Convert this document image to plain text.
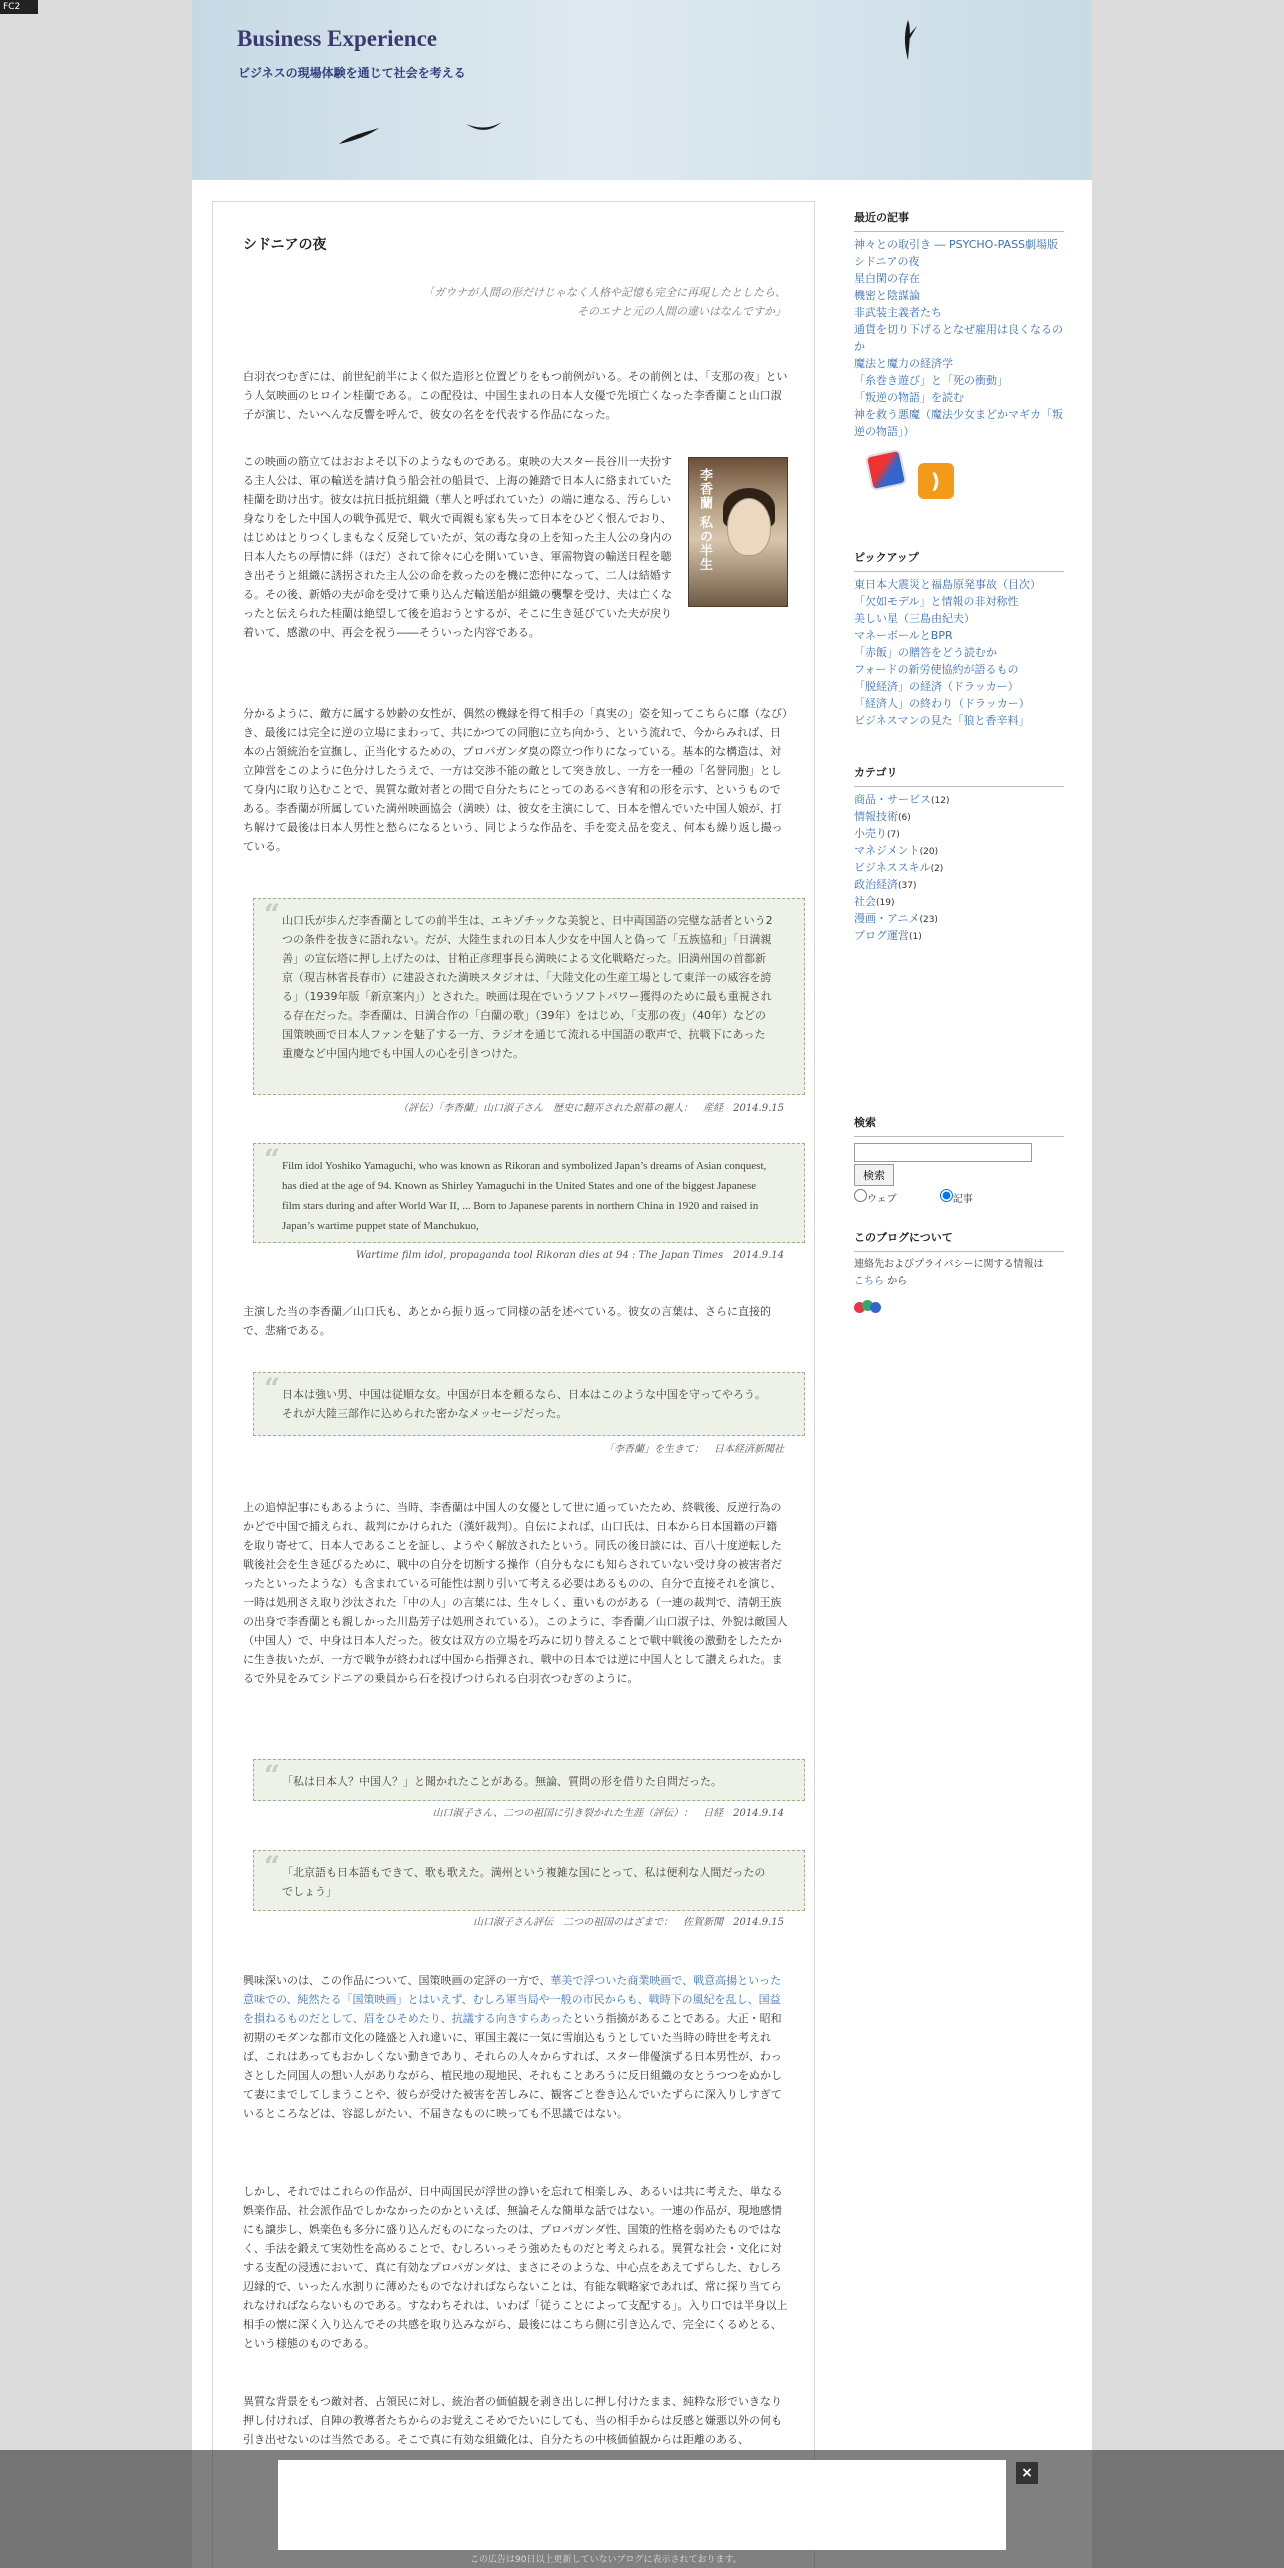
FC2
Business Experience
ビジネスの現場体験を通じて社会を考える
シドニアの夜
「ガウナが人間の形だけじゃなく人格や記憶も完全に再現したとしたら、
そのエナと元の人間の違いはなんですか」
白羽衣つむぎには、前世紀前半によく似た造形と位置どりをもつ前例がいる。その前例とは、「支那の夜」という人気映画のヒロイン桂蘭である。この配役は、中国生まれの日本人女優で先頃亡くなった李香蘭こと山口淑子が演じ、たいへんな反響を呼んで、彼女の名をを代表する作品になった。
李香蘭 私の半生
この映画の筋立てはおおよそ以下のようなものである。東映の大スター長谷川一夫扮する主人公は、軍の輸送を請け負う船会社の船員で、上海の雑踏で日本人に絡まれていた桂蘭を助け出す。彼女は抗日抵抗組織（華人と呼ばれていた）の端に連なる、汚らしい身なりをした中国人の戦争孤児で、戦火で両親も家も失って日本をひどく恨んでおり、はじめはとりつくしまもなく反発していたが、気の毒な身の上を知った主人公の身内の日本人たちの厚情に絆（ほだ）されて徐々に心を開いていき、軍需物資の輸送日程を聴き出そうと組織に誘拐された主人公の命を救ったのを機に恋仲になって、二人は結婚する。その後、新婚の夫が命を受けて乗り込んだ輸送船が組織の襲撃を受け、夫は亡くなったと伝えられた桂蘭は絶望して後を追おうとするが、そこに生き延びていた夫が戻り着いて、感激の中、再会を祝う――そういった内容である。
分かるように、敵方に属する妙齢の女性が、偶然の機縁を得て相手の「真実の」姿を知ってこちらに靡（なび）き、最後には完全に逆の立場にまわって、共にかつての同胞に立ち向かう、という流れで、今からみれば、日本の占領統治を宣撫し、正当化するための、プロパガンダ臭の際立つ作りになっている。基本的な構造は、対立陣営をこのように色分けしたうえで、一方は交渉不能の敵として突き放し、一方を一種の「名誉同胞」として身内に取り込むことで、異質な敵対者との間で自分たちにとってのあるべき宥和の形を示す、というものである。李香蘭が所属していた満州映画協会（満映）は、彼女を主演にして、日本を憎んでいた中国人娘が、打ち解けて最後は日本人男性と愁らになるという、同じような作品を、手を変え品を変え、何本も繰り返し撮っている。
“ 山口氏が歩んだ李香蘭としての前半生は、エキゾチックな美貌と、日中両国語の完璧な話者という2つの条件を抜きに語れない。だが、大陸生まれの日本人少女を中国人と偽って「五族協和」「日満親善」の宣伝塔に押し上げたのは、甘粕正彦理事長ら満映による文化戦略だった。旧満州国の首都新京（現吉林省長春市）に建設された満映スタジオは、「大陸文化の生産工場として東洋一の威容を誇る」（1939年版「新京案内」）とされた。映画は現在でいうソフトパワー獲得のために最も重視される存在だった。李香蘭は、日満合作の「白蘭の歌」（39年）をはじめ、「支那の夜」（40年）などの国策映画で日本人ファンを魅了する一方、ラジオを通じて流れる中国語の歌声で、抗戦下にあった重慶など中国内地でも中国人の心を引きつけた。
（評伝）「李香蘭」山口淑子さん　歴史に翻弄された銀幕の麗人：　産経　2014.9.15
“ Film idol Yoshiko Yamaguchi, who was known as Rikoran and symbolized Japan’s dreams of Asian conquest, has died at the age of 94. Known as Shirley Yamaguchi in the United States and one of the biggest Japanese film stars during and after World War II, ... Born to Japanese parents in northern China in 1920 and raised in Japan’s wartime puppet state of Manchukuo,
Wartime film idol, propaganda tool Rikoran dies at 94 : The Japan Times　2014.9.14
主演した当の李香蘭／山口氏も、あとから振り返って同様の話を述べている。彼女の言葉は、さらに直接的で、悲痛である。
“ 日本は強い男、中国は従順な女。中国が日本を頼るなら、日本はこのような中国を守ってやろう。それが大陸三部作に込められた密かなメッセージだった。
「李香蘭」を生きて：　日本経済新聞社
上の追悼記事にもあるように、当時、李香蘭は中国人の女優として世に通っていたため、終戦後、反逆行為のかどで中国で捕えられ、裁判にかけられた（漢奸裁判）。自伝によれば、山口氏は、日本から日本国籍の戸籍を取り寄せて、日本人であることを証し、ようやく解放されたという。同氏の後日談には、百八十度逆転した戦後社会を生き延びるために、戦中の自分を切断する操作（自分もなにも知らされていない受け身の被害者だったといったような）も含まれている可能性は割り引いて考える必要はあるものの、自分で直接それを演じ、一時は処刑さえ取り沙汰された「中の人」の言葉には、生々しく、重いものがある（一連の裁判で、清朝王族の出身で李香蘭とも親しかった川島芳子は処刑されている）。このように、李香蘭／山口淑子は、外貌は敵国人（中国人）で、中身は日本人だった。彼女は双方の立場を巧みに切り替えることで戦中戦後の激動をしたたかに生き抜いたが、一方で戦争が終われば中国から指弾され、戦中の日本では逆に中国人として讃えられた。まるで外見をみてシドニアの乗員から石を投げつけられる白羽衣つむぎのように。
“ 「私は日本人？中国人？」と聞かれたことがある。無論、質問の形を借りた自問だった。
山口淑子さん、二つの祖国に引き裂かれた生涯（評伝）：　日経　2014.9.14
“ 「北京語も日本語もできて、歌も歌えた。満州という複雑な国にとって、私は便利な人間だったのでしょう」
山口淑子さん評伝　二つの祖国のはざまで：　佐賀新聞　2014.9.15
興味深いのは、この作品について、国策映画の定評の一方で、華美で浮ついた商業映画で、戦意高揚といった意味での、純然たる「国策映画」とはいえず、むしろ軍当局や一般の市民からも、戦時下の風紀を乱し、国益を損ねるものだとして、眉をひそめたり、抗議する向きすらあったという指摘があることである。大正・昭和初期のモダンな都市文化の隆盛と入れ違いに、軍国主義に一気に雪崩込もうとしていた当時の時世を考えれば、これはあってもおかしくない動きであり、それらの人々からすれば、スター俳優演ずる日本男性が、わっさとした同国人の想い人がありながら、植民地の現地民、それもことあろうに反日組織の女とうつつをぬかして妻にまでしてしまうことや、彼らが受けた被害を苦しみに、観客ごと巻き込んでいたずらに深入りしすぎているところなどは、容認しがたい、不届きなものに映っても不思議ではない。
しかし、それではこれらの作品が、日中両国民が浮世の諍いを忘れて相楽しみ、あるいは共に考えた、単なる娯楽作品、社会派作品でしかなかったのかといえば、無論そんな簡単な話ではない。一連の作品が、現地感情にも譲歩し、娯楽色も多分に盛り込んだものになったのは、プロパガンダ性、国策的性格を弱めたものではなく、手法を鍛えて実効性を高めることで、むしろいっそう強めたものだと考えられる。異質な社会・文化に対する支配の浸透において、真に有効なプロパガンダは、まさにそのような、中心点をあえてずらした、むしろ辺縁的で、いったん水割りに薄めたものでなければならないことは、有能な戦略家であれば、常に探り当てられなければならないものである。すなわちそれは、いわば「従うことによって支配する」。入り口では半身以上相手の懐に深く入り込んでその共感を取り込みながら、最後にはこちら側に引き込んで、完全にくるめとる、という様態のものである。
異質な背景をもつ敵対者、占領民に対し、統治者の価値観を剥き出しに押し付けたまま、純粋な形でいきなり押し付ければ、自陣の教導者たちからのお覚えこそめでたいにしても、当の相手からは反感と嫌悪以外の何も引き出せないのは当然である。そこで真に有効な組織化は、自分たちの中核価値観からは距離のある、
最近の記事
神々との取引き ― PSYCHO-PASS劇場版
シドニアの夜
星白閑の存在
機密と陰謀論
非武装主義者たち
通貨を切り下げるとなぜ雇用は良くなるのか
魔法と魔力の経済学
「糸巻き遊び」と「死の衝動」
「叛逆の物語」を読む
神を救う悪魔（魔法少女まどかマギカ「叛逆の物語」）
)
ピックアップ
東日本大震災と福島原発事故（目次）
「欠如モデル」と情報の非対称性
美しい星（三島由紀夫）
マネーボールとBPR
「赤飯」の贈答をどう読むか
フォードの新労使協約が語るもの
「脱経済」の経済（ドラッカー）
「経済人」の終わり（ドラッカー）
ビジネスマンの見た「狼と香辛料」
カテゴリ
商品・サービス(12)
情報技術(6)
小売り(7)
マネジメント(20)
ビジネススキル(2)
政治経済(37)
社会(19)
漫画・アニメ(23)
ブログ運営(1)
検索
検索
ウェブ	記事
このブログについて
連絡先およびプライバシーに関する情報は
こちら から
×
この広告は90日以上更新していないブログに表示されております。
